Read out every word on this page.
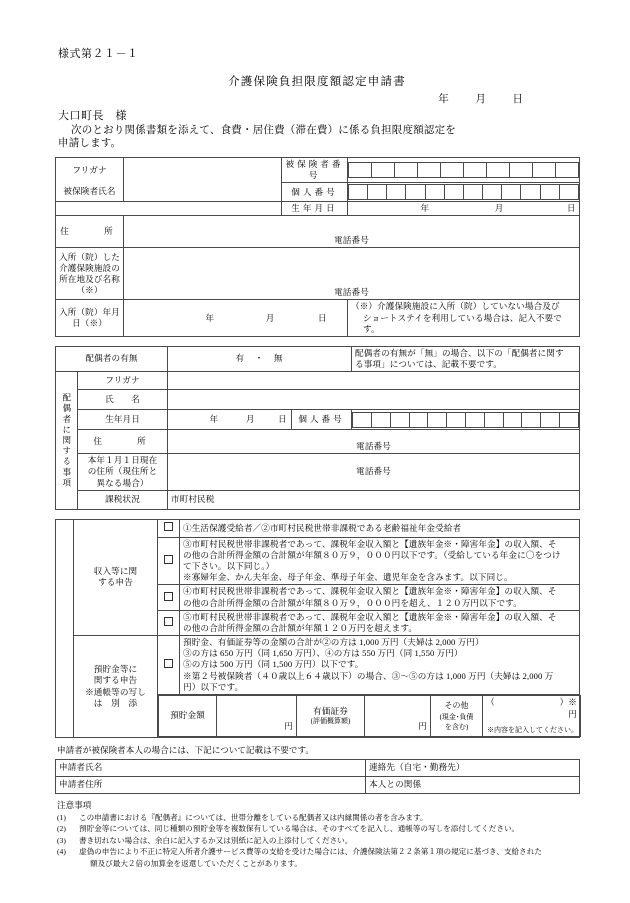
様式第２１－１
介護保険負担限度額認定申請書
年 月 日
大口町長　様
次のとおり関係書類を添えて、食費・居住費（滞在費）に係る負担限度額認定を
申請します。
フリガナ		被保険者番号	

被保険者氏名	個人番号	

		生年月日	年	月	日
住　　所	電話番号
入所（院）した介護保険施設の所在地及び名称（※）	電話番号
入所（院）年月日（※）	年	月	日	
（※）介護保険施設に入所（院）していない場合及び
ショートステイを利用している場合は、記入不要です。
配偶者の有無	有　・　無	
配偶者の有無が「無」の場合、以下の「配偶者に関す
る事項」については、記載不要です。

配偶者に関する事項
	フリガナ	
氏　　名	
生年月日	年	月	日	個人番号	

住　　所	電話番号

本年１月１日現在
の住所（現住所と
異なる場合）
	電話番号
課税状況	市町村民税

収入等に関
する申告

①生活保護受給者／②市町村民税世帯非課税である老齢福祉年金受給者

③市町村民税世帯非課税者であって、課税年金収入額と【遺族年金※・障害年金】の収入額、そ
の他の合計所得金額の合計額が年額８０万９，０００円以下です。（受給している年金に〇をつけ
て下さい。以下同じ。）
※寡婦年金、かん夫年金、母子年金、準母子年金、遺児年金を含みます。以下同じ。

④市町村民税世帯非課税者であって、課税年金収入額と【遺族年金※・障害年金】の収入額、そ
の他の合計所得金額の合計額が年額８０万９，０００円を超え、１２０万円以下です。

⑤市町村民税世帯非課税者であって、課税年金収入額と【遺族年金※・障害年金】の収入額、そ
の他の合計所得金額の合計額が年額１２０万円を超えます。

預貯金等に
関する申告
※通帳等の写し
は　別　添

預貯金、有価証券等の金額の合計が②の方は 1,000 万円（夫婦は 2,000 万円）
③の方は 650 万円（同 1,650 万円）、④の方は 550 万円（同 1,550 万円）
⑤の方は 500 万円（同 1,500 万円）以下です。
※第２号被保険者（４０歳以上６４歳以下）の場合、③～⑤の方は 1,000 万円（夫婦は 2,000 万
円）以下です。

預貯金額	円	
有価証券
(評価概算額)	円	
その他
(現金･負債
を含む)

（	）※
円
※内容を記入してください。
申請者が被保険者本人の場合には、下記について記載は不要です。
申請者氏名	連絡先（自宅・勤務先）
申請者住所	本人との関係
注意事項
(1)	この申請書における『配偶者』については、世帯分離をしている配偶者又は内縁関係の者を含みます。
(2)	預貯金等については、同じ種類の預貯金等を複数保有している場合は、そのすべてを記入し、通帳等の写しを添付してください。
(3)	書き切れない場合は、余白に記入するか又は別紙に記入の上添付してください。
(4)	虚偽の申告により不正に特定入所者介護サービス費等の支給を受けた場合には、介護保険法第２２条第１項の規定に基づき、支給された
額及び最大２倍の加算金を返還していただくことがあります。
